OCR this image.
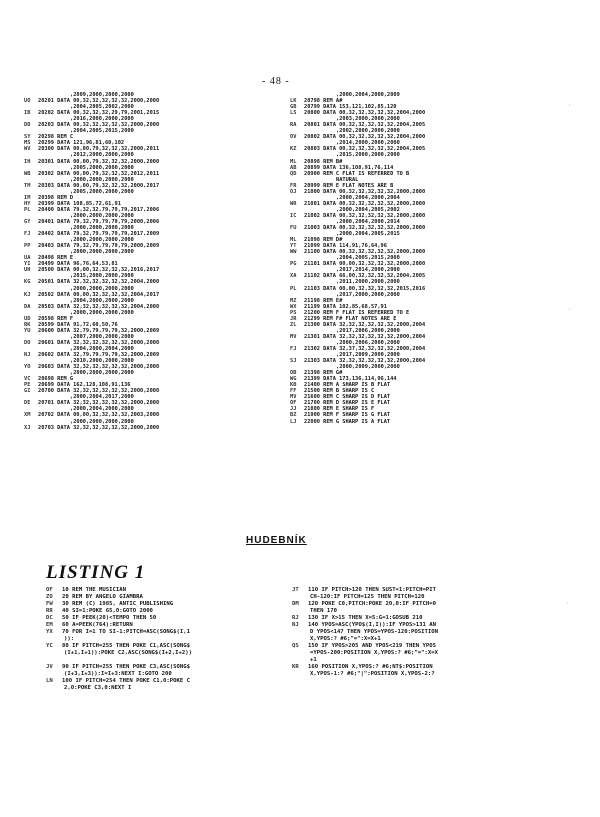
- 48 -
·
·
·
,2009,2000,2000,2000
UO 20201 DATA 00,32,32,32,32,32,2000,2000
,2004,2005,2002,2000
IB 20202 DATA 00,32,32,32,29,79,2001,2015
,2016,2000,2000,2000
DD 20203 DATA 00,32,32,32,32,32,2000,2000
,2004,2005,2015,2000
SY 20298 REM C
MS 20299 DATA 121,96,81,60,102
WV 20300 DATA 00,00,79,32,32,32,2000,2011
,2012,2000,2000,2000
IH 20301 DATA 00,00,79,32,32,32,2000,2000
,2005,2000,2000,2000
WB 20302 DATA 00,00,79,32,32,32,2012,2011
,2000,2000,2000,2000
TM 20303 DATA 00,00,79,32,32,32,2000,2017
,2005,2000,2000,2000
IM 20398 REM D
HY 20399 DATA 108,85,72,61,91
PL 20400 DATA 79,32,32,79,79,79,2017,2006
,2000,2000,2000,2000
GY 20401 DATA 79,32,79,79,79,79,2000,2006
,2000,2000,2000,2000
FJ 20402 DATA 79,32,79,79,79,79,2017,2009
,2000,2000,2000,2000
PP 20403 DATA 79,32,79,79,79,79,2000,2009
,2000,2000,2000,2000
UA 20498 REM E
YI 20499 DATA 96,76,64,53,81
UH 20500 DATA 00,00,32,32,32,32,2016,2017
,2015,2000,2000,2000
KG 20501 DATA 32,32,32,32,32,32,2004,2000
,2000,2000,2000,2000
KJ 20502 DATA 00,00,32,32,32,32,2004,2017
,2004,2000,2000,2000
DA 20503 DATA 32,32,32,32,32,32,2004,2000
,2000,2000,2000,2000
UD 20598 REM F
RK 20599 DATA 91,72,60,50,76
YU 20600 DATA 32,79,79,79,79,32,2000,2009
,2007,2000,2000,2000
DO 20601 DATA 32,32,32,32,32,32,2000,2000
,2004,2000,2004,2000
NJ 20602 DATA 32,79,79,79,79,32,2000,2009
,2010,2000,2000,2000
YO 20603 DATA 32,32,32,32,32,32,2000,2000
,2000,2000,2000,2000
VC 20698 REM G
PE 20699 DATA 162,128,108,91,136
GI 20700 DATA 32,32,32,32,32,32,2000,2000
,2000,2004,2017,2000
DE 20701 DATA 32,32,32,32,32,32,2000,2000
,2000,2004,2000,2000
XM 20702 DATA 00,00,32,32,32,32,2003,2000
,2000,2000,2000,2000
XJ 20703 DATA 32,32,32,32,32,32,2000,2000
,2000,2004,2000,2009
LK 20798 REM A#
GB 20799 DATA 153,121,102,85,120
LS 20800 DATA 00,32,32,32,32,32,2004,2000
,2003,2000,2000,2000
RA 20801 DATA 00,32,32,32,32,32,2004,2005
,2002,2000,2000,2000
OV 20802 DATA 00,32,32,32,32,32,2004,2000
,2014,2000,2000,2000
KZ 20803 DATA 00,32,32,32,32,32,2004,2005
,2015,2000,2000,2000
ML 20898 REM B#
AB 20899 DATA 136,108,91,76,114
QD 20900 REM C FLAT IS REFERRED TO B
NATURAL
FR 20999 REM E FLAT NOTES ARE B
OJ 21000 DATA 00,32,32,32,32,32,2000,2000
,2000,2004,2000,2004
WR 21001 DATA 00,32,32,32,32,32,2000,2000
,2000,2004,2005,2002
IC 21002 DATA 00,32,32,32,32,32,2000,2000
,2000,2004,2000,2014
FU 21003 DATA 00,32,32,32,32,32,2000,2000
,2000,2004,2005,2015
ML 21098 REM D#
YT 21099 DATA 114,91,76,64,96
WW 21100 DATA 00,32,32,32,32,32,2000,2000
,2004,2005,2015,2000
PG 21101 DATA 00,00,32,32,32,32,2000,2000
,2017,2014,2000,2000
XA 21102 DATA 66,00,32,32,32,32,2004,2005
,2011,2000,2000,2000
PL 21103 DATA 00,00,32,32,32,32,2015,2016
,2017,2000,2000,2000
MZ 21198 REM E#
WX 21199 DATA 102,85,68,57,91
PS 21200 REM F FLAT IS REFERRED TO E
JR 21299 REM F# FLAT NOTES ARE E
ZL 21300 DATA 32,32,32,32,32,32,2000,2004
,2017,2006,2000,2000
MV 21301 DATA 32,32,32,32,32,32,2000,2004
,2000,2006,2000,2000
FJ 21302 DATA 32,37,32,32,32,32,2000,2004
,2017,2009,2000,2000
SJ 21303 DATA 32,32,32,32,32,32,2000,2004
,2000,2009,2000,2000
OB 21398 REM G#
WG 21399 DATA 173,136,114,96,144
KB 21400 REM A SHARP IS B FLAT
FF 21500 REM B SHARP IS C
MV 21600 REM C SHARP IS D FLAT
OF 21700 REM D SHARP IS E FLAT
JJ 21800 REM E SHARP IS F
BZ 21900 REM F SHARP IS G FLAT
LJ 22000 REM G SHARP IS A FLAT
HUDEBNÍK
LISTING 1
OF 10 REM THE MUSICIAN
ZO 20 REM BY ANGELO GIAMBRA
FW 30 REM (C) 1985, ANTIC PUBLISHING
RR 40 SI=1:POKE 65,0:GOTO 2000
DC 50 IF PEEK(20)<TEMPO THEN 50
EM 60 A=PEEK(764):RETURN
YX 70 FOR I=1 TO SI-1:PITCH=ASC(SONG$(I,1
)):
YC 80 IF PITCH=255 THEN POKE C1,ASC(SONG$
(I+1,I+1)):POKE C2,ASC(SONG$(I+2,I+2))
JV 90 IF PITCH=255 THEN POKE C3,ASC(SONG$
(I+3,I+3)):I=I+3:NEXT I:GOTO 200
LN 100 IF PITCH=254 THEN POKE C1,0:POKE C
2,0:POKE C3,0:NEXT I
JT 110 IF PITCH>120 THEN SUST=1:PITCH=PIT
CH-120:IF PITCH=125 THEN PITCH=120
DM 120 POKE C0,PITCH:POKE 20,0:IF PITCH=0
THEN 170
RJ 130 IF X>15 THEN X=5:G=1:GOSUB 210
NJ 140 YPOS=ASC(YPO$(I,I)):IF YPOS>131 AN
D YPOS<147 THEN YPOS=YPOS-120:POSITION
X,YPOS:? #6;"=":X=X+1
QS 150 IF YPOS>205 AND YPOS<219 THEN YPOS
=YPOS-200:POSITION X,YPOS:? #6;"=":X=X
+1
KR 160 POSITION X,YPOS:? #6;NT$:POSITION
X,YPOS-1:? #6;"|":POSITION X,YPOS-2:?
